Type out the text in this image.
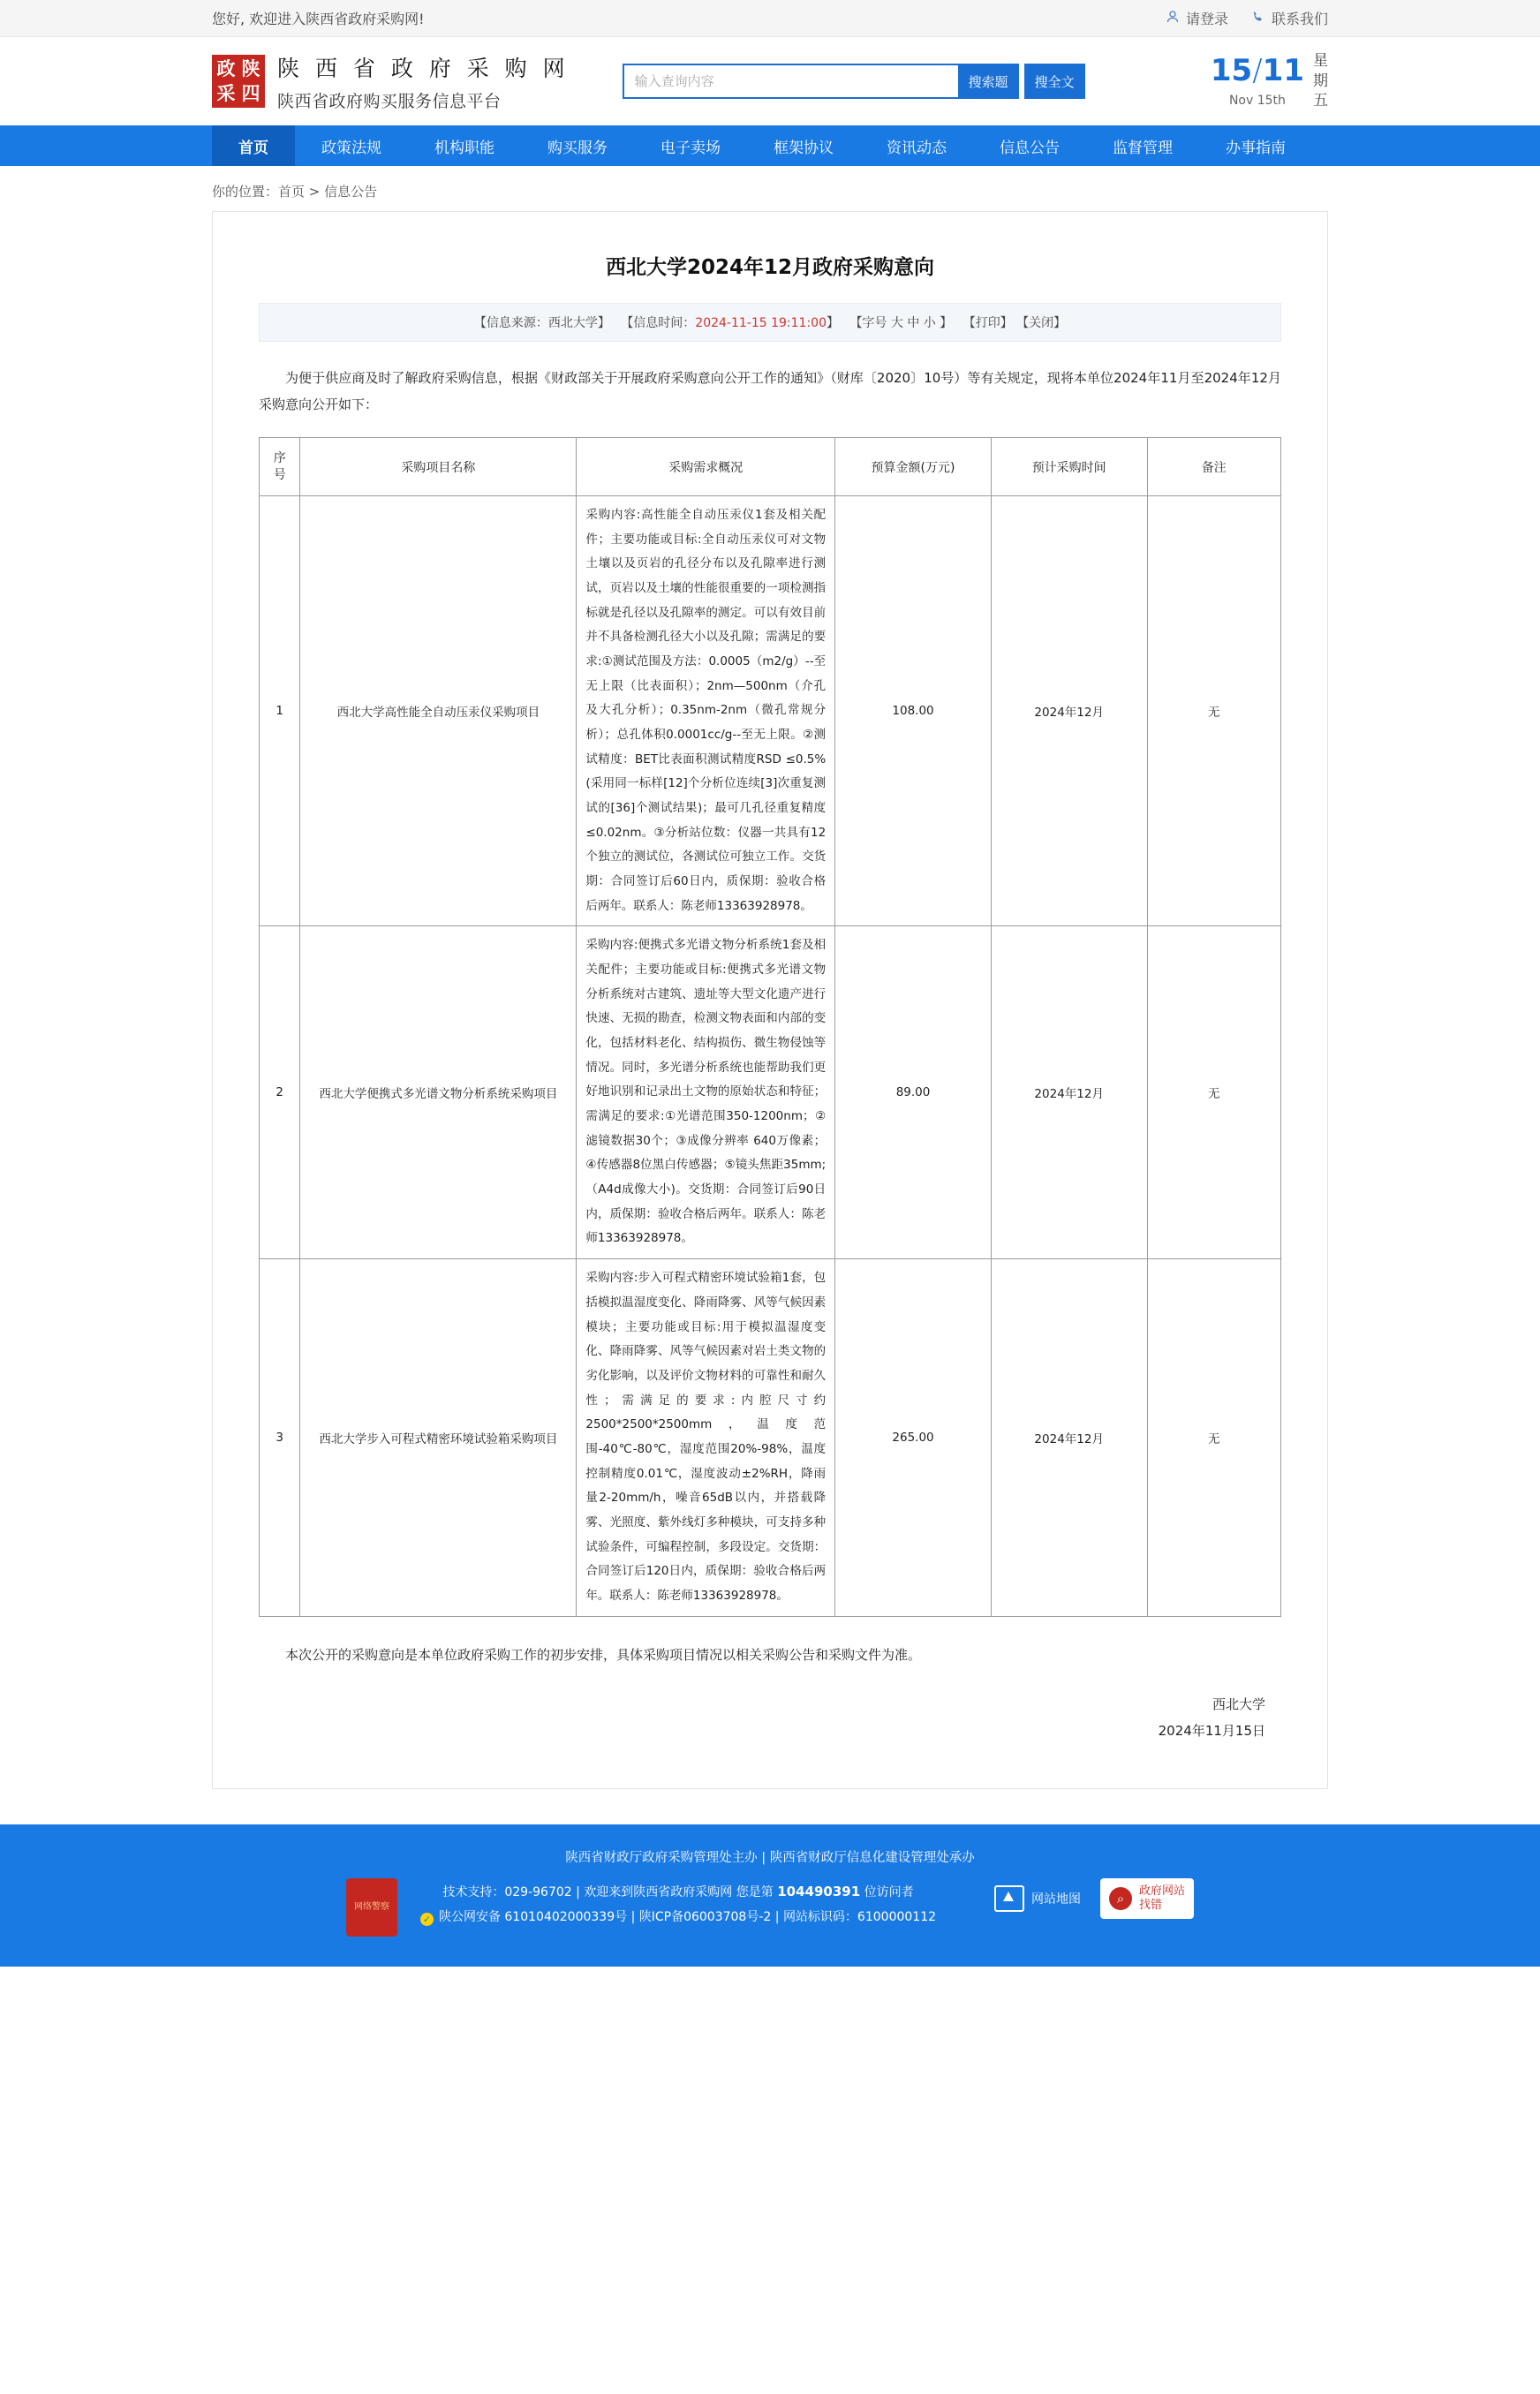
您好, 欢迎进入陕西省政府采购网!	请登录	联系我们
政 陕
采 四
陕 西 省 政 府 采 购 网
陕西省政府购买服务信息平台
输入查询内容
搜索题	搜全文	15/11
Nov 15th
星
期
五
首页	政策法规	机构职能	购买服务	电子卖场	框架协议	资讯动态	信息公告	监督管理	办事指南
你的位置：首页 > 信息公告
西北大学2024年12月政府采购意向
【信息来源：西北大学】 【信息时间：2024-11-15 19:11:00】 【字号 大 中 小 】 【打印】 【关闭】
为便于供应商及时了解政府采购信息，根据《财政部关于开展政府采购意向公开工作的通知》（财库〔2020〕10号）等有关规定，现将本单位2024年11月至2024年12月采购意向公开如下：
序号	采购项目名称	采购需求概况	预算金额(万元)	预计采购时间	备注
1	西北大学高性能全自动压汞仪采购项目	采购内容:高性能全自动压汞仪1套及相关配件；主要功能或目标:全自动压汞仪可对文物土壤以及页岩的孔径分布以及孔隙率进行测试，页岩以及土壤的性能很重要的一项检测指标就是孔径以及孔隙率的测定。可以有效目前并不具备检测孔径大小以及孔隙；需满足的要求:①测试范围及方法：0.0005（m2/g）--至无上限（比表面积）；2nm—500nm（介孔及大孔分析）；0.35nm-2nm（微孔常规分析）；总孔体积0.0001cc/g--至无上限。②测试精度：BET比表面积测试精度RSD ≤0.5%(采用同一标样[12]个分析位连续[3]次重复测试的[36]个测试结果)；最可几孔径重复精度≤0.02nm。③分析站位数：仪器一共具有12个独立的测试位，各测试位可独立工作。交货期：合同签订后60日内，质保期：验收合格后两年。联系人：陈老师13363928978。	108.00	2024年12月	无
2	西北大学便携式多光谱文物分析系统采购项目	采购内容:便携式多光谱文物分析系统1套及相关配件；主要功能或目标:便携式多光谱文物分析系统对古建筑、遗址等大型文化遗产进行快速、无损的勘查，检测文物表面和内部的变化，包括材料老化、结构损伤、微生物侵蚀等情况。同时，多光谱分析系统也能帮助我们更好地识别和记录出土文物的原始状态和特征；需满足的要求:①光谱范围350-1200nm；②滤镜数据30个；③成像分辨率 640万像素；④传感器8位黑白传感器；⑤镜头焦距35mm;（A4d成像大小)。交货期：合同签订后90日内，质保期：验收合格后两年。联系人：陈老师13363928978。	89.00	2024年12月	无
3	西北大学步入可程式精密环境试验箱采购项目	采购内容:步入可程式精密环境试验箱1套，包括模拟温湿度变化、降雨降雾、风等气候因素模块；主要功能或目标:用于模拟温湿度变化、降雨降雾、风等气候因素对岩土类文物的劣化影响，以及评价文物材料的可靠性和耐久性；需满足的要求:内腔尺寸约2500*2500*2500mm，温度范围-40℃-80℃，湿度范围20%-98%，温度控制精度0.01℃，湿度波动±2%RH，降雨量2-20mm/h，噪音65dB以内，并搭载降雾、光照度、紫外线灯多种模块，可支持多种试验条件，可编程控制，多段设定。交货期：合同签订后120日内，质保期：验收合格后两年。联系人：陈老师13363928978。	265.00	2024年12月	无
本次公开的采购意向是本单位政府采购工作的初步安排，具体采购项目情况以相关采购公告和采购文件为准。
西北大学
2024年11月15日
陕西省财政厅政府采购管理处主办 | 陕西省财政厅信息化建设管理处承办
网络警察
技术支持：029-96702 | 欢迎来到陕西省政府采购网 您是第 104490391 位访问者
✓ 陕公网安备 61010402000339号 | 陕ICP备06003708号-2 | 网站标识码：6100000112
网站地图	⌕	政府网站
找错
